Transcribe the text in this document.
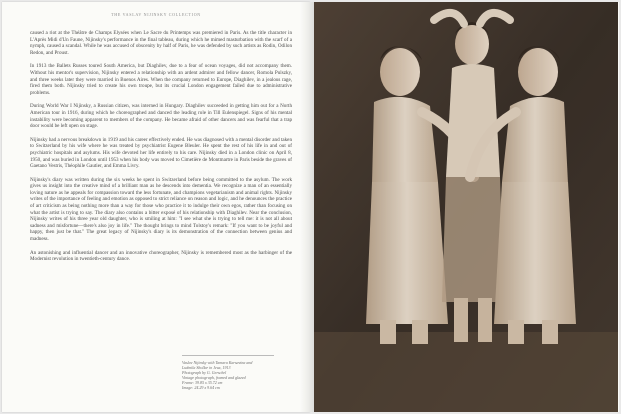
THE VASLAV NIJINSKY COLLECTION

caused a riot at the Théâtre de Champs Elysées when Le Sacre du Printemps was premiered in Paris. As the title character in L'Après Midi d'Un Faune, Nijinsky's performance in the final tableau, during which he mimed masturbation with the scarf of a nymph, caused a scandal. While he was accused of obscenity by half of Paris, he was defended by such artists as Rodin, Odilon Redon, and Proust.

In 1913 the Ballets Russes toured South America, but Diaghilev, due to a fear of ocean voyages, did not accompany them. Without his mentor's supervision, Nijinsky entered a relationship with an ardent admirer and fellow dancer, Romola Pulszky, and three weeks later they were married in Buenos Aires. When the company returned to Europe, Diaghilev, in a jealous rage, fired them both. Nijinsky tried to create his own troupe, but its crucial London engagement failed due to administrative problems.

During World War I Nijinsky, a Russian citizen, was interned in Hungary. Diaghilev succeeded in getting him out for a North American tour in 1916, during which he choreographed and danced the leading role in Till Eulenspiegel. Signs of his mental instability were becoming apparent to members of the company. He became afraid of other dancers and was fearful that a trap door would be left open on stage.

Nijinsky had a nervous breakdown in 1919 and his career effectively ended. He was diagnosed with a mental disorder and taken to Switzerland by his wife where he was treated by psychiatrist Eugene Bleuler. He spent the rest of his life in and out of psychiatric hospitals and asylums. His wife devoted her life entirely to his care. Nijinsky died in a London clinic on April 8, 1950, and was buried in London until 1953 when his body was moved to Cimetière de Montmartre in Paris beside the graves of Gaetano Vestris, Théophile Gautier, and Emma Livry.

Nijinsky's diary was written during the six weeks he spent in Switzerland before being committed to the asylum. The work gives us insight into the creative mind of a brilliant man as he descends into dementia. We recognize a man of an essentially loving nature as he appeals for compassion toward the less fortunate, and champions vegetarianism and animal rights. Nijinsky writes of the importance of feeling and emotion as opposed to strict reliance on reason and logic, and he denounces the practice of art criticism as being nothing more than a way for those who practice it to indulge their own egos, rather than focusing on what the artist is trying to say. The diary also contains a bitter exposé of his relationship with Diaghilev. Near the conclusion, Nijinsky writes of his three year old daughter, who is smiling at him: "I see what she is trying to tell me: it is not all about sadness and misfortune—there's also joy in life." The thought brings to mind Tolstoy's remark: "If you want to be joyful and happy, then just be that." The great legacy of Nijinsky's diary is its demonstration of the connection between genius and madness.

An astonishing and influential dancer and an innovative choreographer, Nijinsky is remembered most as the harbinger of the Modernist revolution in twentieth-century dance.

Vaslav Nijinsky with Tamara Karsavina and
Ludmila Shollar in Jeux, 1913
Photograph by G. Gerschel
Vintage photograph, framed and glazed
Frame: 39.85 x 35.72 cm
Image: 24.29 x 9.64 cm
